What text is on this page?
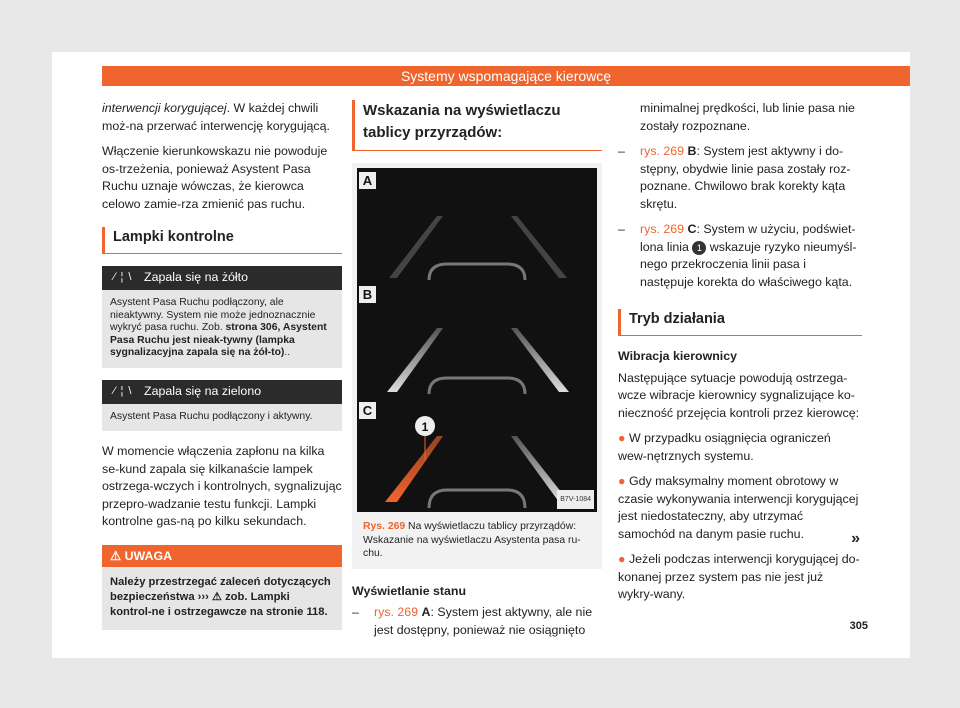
Systemy wspomagające kierowcę

interwencji korygującej. W każdej chwili moż-na przerwać interwencję korygującą.

Włączenie kierunkowskazu nie powoduje os-trzeżenia, ponieważ Asystent Pasa Ruchu uznaje wówczas, że kierowca celowo zamie-rza zmienić pas ruchu.

Lampki kontrolne
⁄ ¦ \ Zapala się na żółto
Asystent Pasa Ruchu podłączony, ale nieaktywny. System nie może jednoznacznie wykryć pasa ruchu. Zob. strona 306, Asystent Pasa Ruchu jest nieak-tywny (lampka sygnalizacyjna zapala się na żół-to)..
⁄ ¦ \ Zapala się na zielono
Asystent Pasa Ruchu podłączony i aktywny.

W momencie włączenia zapłonu na kilka se-kund zapala się kilkanaście lampek ostrzega-wczych i kontrolnych, sygnalizując przepro-wadzanie testu funkcji. Lampki kontrolne gas-ną po kilku sekundach.

⚠ UWAGA
Należy przestrzegać zaleceń dotyczących bezpieczeństwa ››› ⚠ zob. Lampki kontrol-ne i ostrzegawcze na stronie 118.
Wskazania na wyświetlaczu tablicy przyrządów:
1
A
B
C
B7V-1084
Rys. 269 Na wyświetlaczu tablicy przyrządów: Wskazanie na wyświetlaczu Asystenta pasa ru-chu.

Wyświetlanie stanu

–	rys. 269 A: System jest aktywny, ale nie jest dostępny, ponieważ nie osiągnięto

minimalnej prędkości, lub linie pasa nie zostały rozpoznane.

–	rys. 269 B: System jest aktywny i do-stępny, obydwie linie pasa zostały roz-poznane. Chwilowo brak korekty kąta skrętu.
–	rys. 269 C: System w użyciu, podświet-lona linia 1 wskazuje ryzyko nieumyśl-nego przekroczenia linii pasa i następuje korekta do właściwego kąta.
Tryb działania

Wibracja kierownicy

Następujące sytuacje powodują ostrzega-wcze wibracje kierownicy sygnalizujące ko-nieczność przejęcia kontroli przez kierowcę:

● W przypadku osiągnięcia ograniczeń wew-nętrznych systemu.
● Gdy maksymalny moment obrotowy w czasie wykonywania interwencji korygującej jest niedostateczny, aby utrzymać samochód na danym pasie ruchu.
● Jeżeli podczas interwencji korygującej do-konanej przez system pas nie jest już wykry-wany.
»
305
